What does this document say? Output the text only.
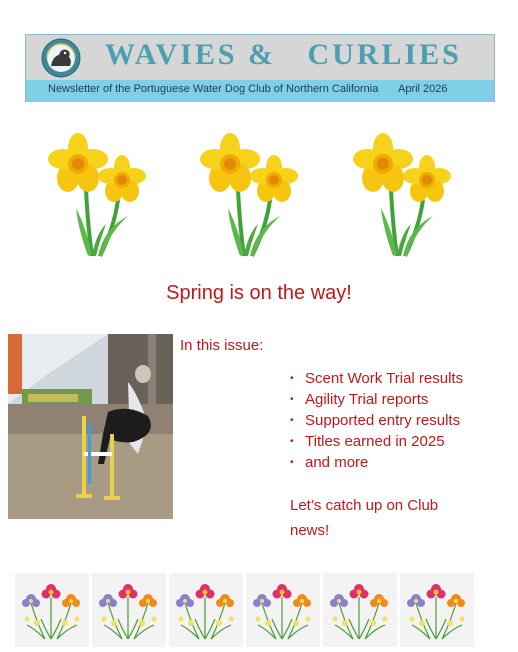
WAVIES &   CURLIES
Newsletter of the Portuguese Water Dog Club of Northern California April 2026
Spring is on the way!
In this issue:
• Scent Work Trial results
• Agility Trial reports
• Supported entry results
• Titles earned in 2025
• and more
Let’s catch up on Club news!
